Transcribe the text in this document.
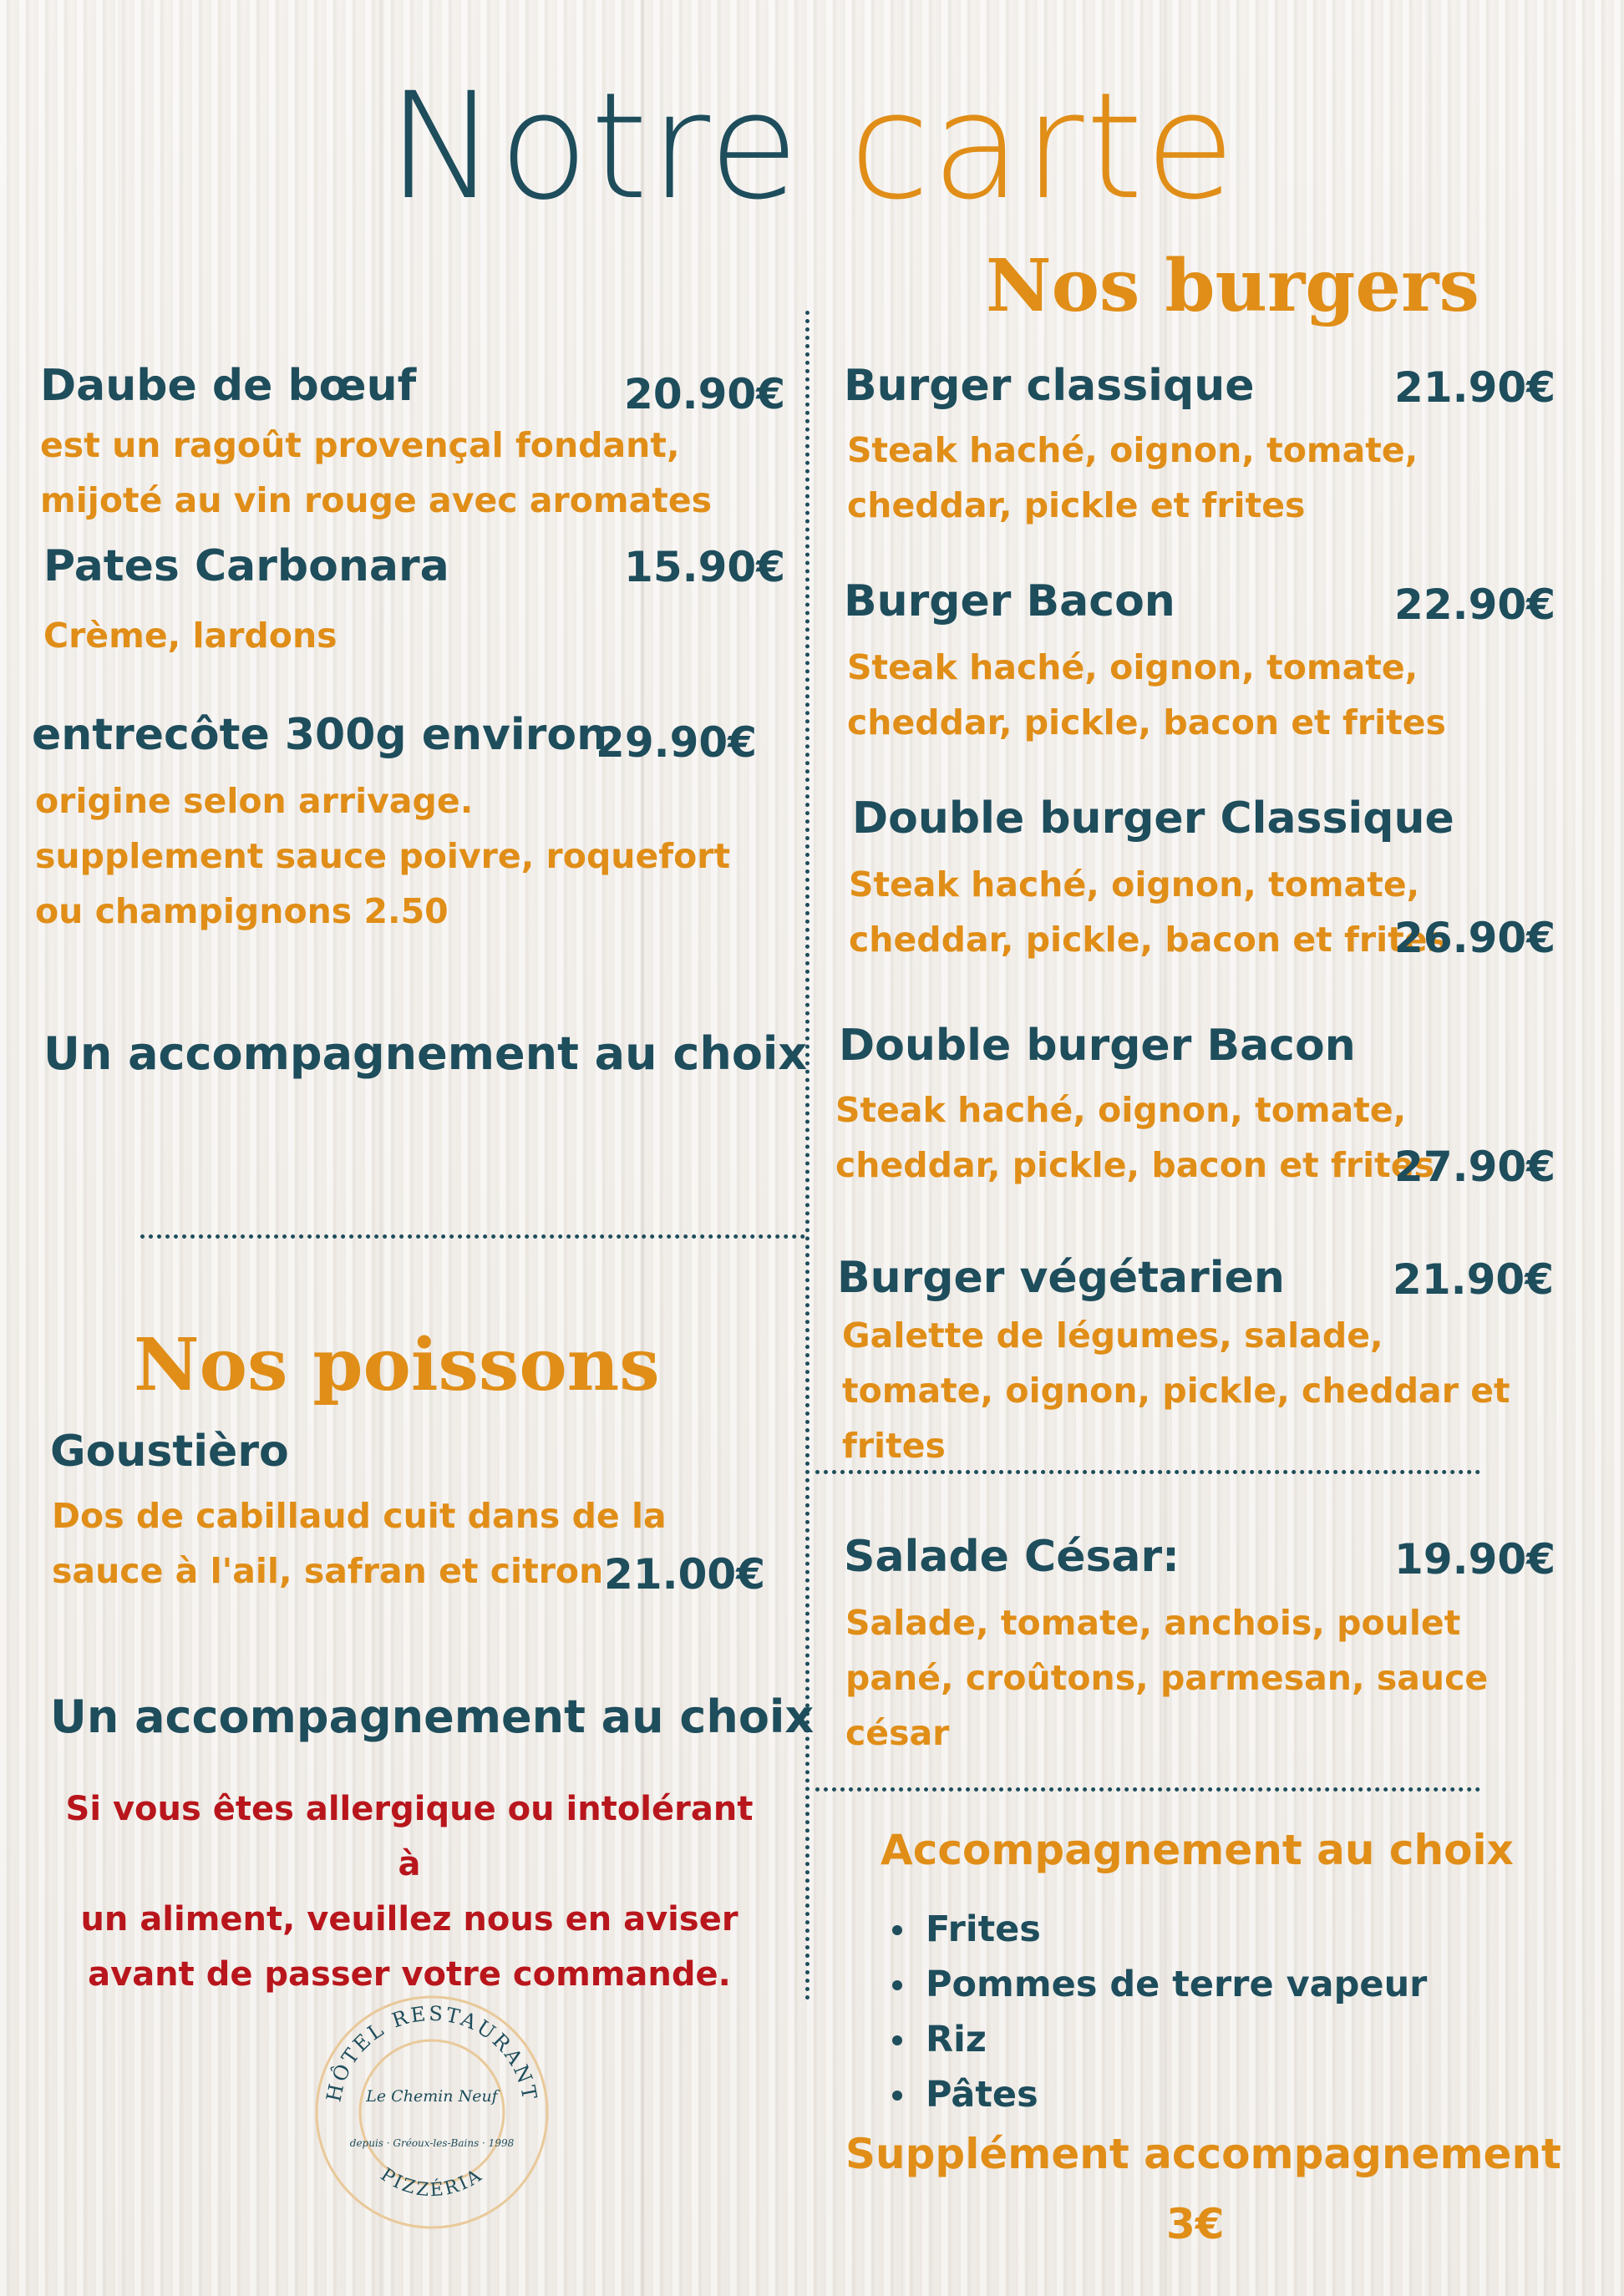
Notre carte
Daube de bœuf	20.90€
est un ragoût provençal fondant, mijoté au vin rouge avec aromates
Pates Carbonara	15.90€
Crème, lardons
entrecôte 300g environ
29.90€
origine selon arrivage.
supplement sauce poivre, roquefort
ou champignons 2.50
Un accompagnement au choix
Nos poissons
Goustièro
Dos de cabillaud cuit dans de la sauce à l'ail, safran et citron 21.00€
Un accompagnement au choix
Si vous êtes allergique ou intolérant à
un aliment, veuillez nous en aviser
avant de passer votre commande.
HÔTEL RESTAURANT
PIZZÉRIA
Le Chemin Neuf
depuis · Gréoux-les-Bains · 1998
Nos burgers
Burger classique	21.90€
Steak haché, oignon, tomate, cheddar, pickle et frites
Burger Bacon	22.90€
Steak haché, oignon, tomate, cheddar, pickle, bacon et frites
Double burger Classique
Steak haché, oignon, tomate, cheddar, pickle, bacon et frites
26.90€
Double burger Bacon
Steak haché, oignon, tomate, cheddar, pickle, bacon et frites
27.90€
Burger végétarien	21.90€
Galette de légumes, salade, tomate, oignon, pickle, cheddar et frites
Salade César:	19.90€
Salade, tomate, anchois, poulet pané, croûtons, parmesan, sauce césar
Accompagnement au choix
Frites
Pommes de terre vapeur
Riz
Pâtes
Supplément accompagnement
3€
